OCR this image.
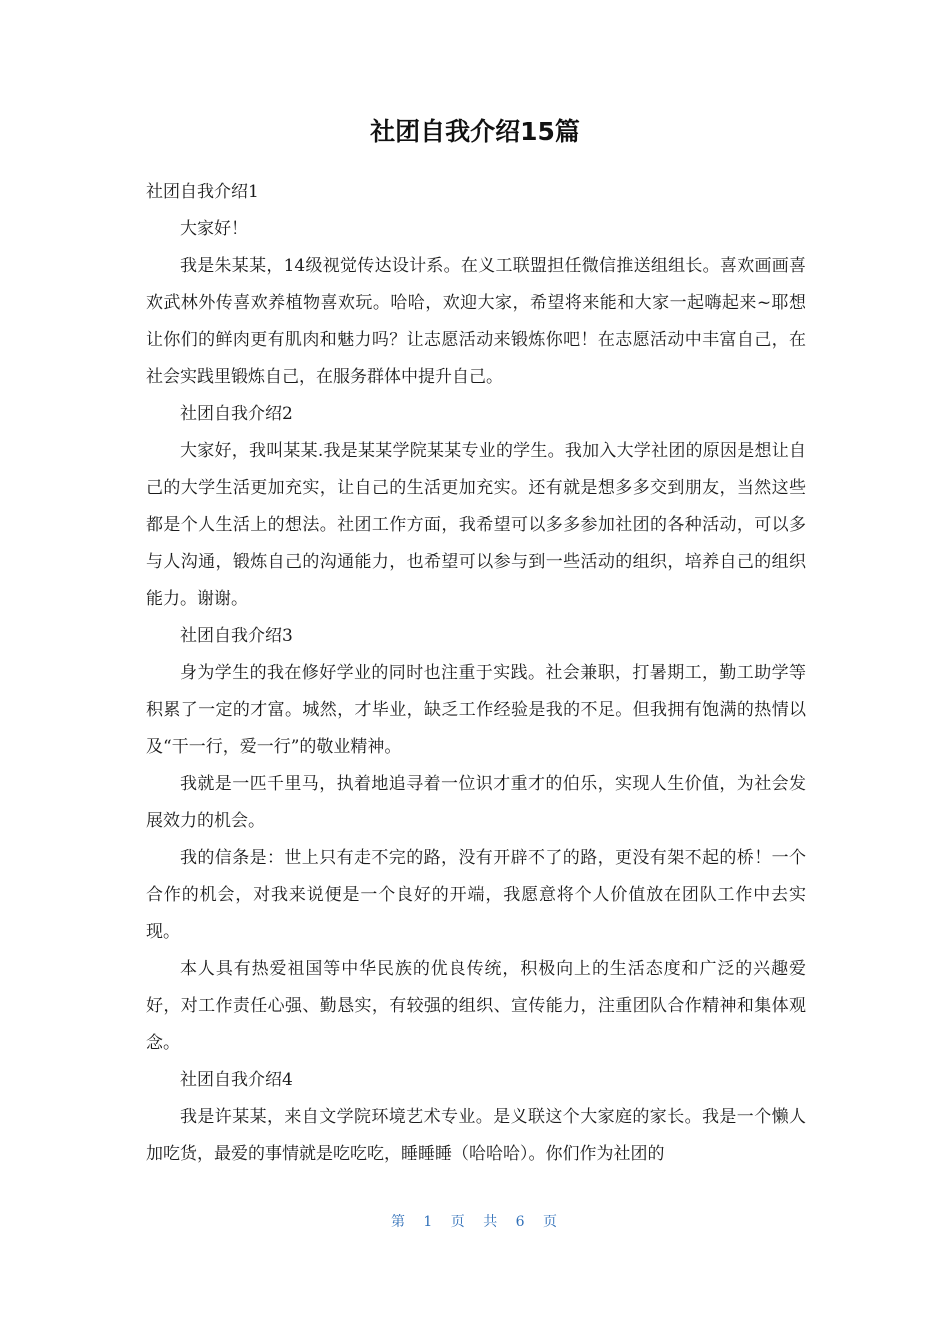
社团自我介绍15篇

社团自我介绍1

大家好！

我是朱某某，14级视觉传达设计系。在义工联盟担任微信推送组组长。喜欢画画喜欢武林外传喜欢养植物喜欢玩。哈哈，欢迎大家，希望将来能和大家一起嗨起来~耶想让你们的鲜肉更有肌肉和魅力吗？让志愿活动来锻炼你吧！在志愿活动中丰富自己，在社会实践里锻炼自己，在服务群体中提升自己。

社团自我介绍2

大家好，我叫某某.我是某某学院某某专业的学生。我加入大学社团的原因是想让自己的大学生活更加充实，让自己的生活更加充实。还有就是想多多交到朋友，当然这些都是个人生活上的想法。社团工作方面，我希望可以多多参加社团的各种活动，可以多与人沟通，锻炼自己的沟通能力，也希望可以参与到一些活动的组织，培养自己的组织能力。谢谢。

社团自我介绍3

身为学生的我在修好学业的同时也注重于实践。社会兼职，打暑期工，勤工助学等积累了一定的才富。城然，才毕业，缺乏工作经验是我的不足。但我拥有饱满的热情以及“干一行，爱一行”的敬业精神。

我就是一匹千里马，执着地追寻着一位识才重才的伯乐，实现人生价值，为社会发展效力的机会。

我的信条是：世上只有走不完的路，没有开辟不了的路，更没有架不起的桥！一个合作的机会，对我来说便是一个良好的开端，我愿意将个人价值放在团队工作中去实现。

本人具有热爱祖国等中华民族的优良传统，积极向上的生活态度和广泛的兴趣爱好，对工作责任心强、勤恳实，有较强的组织、宣传能力，注重团队合作精神和集体观念。

社团自我介绍4

我是许某某，来自文学院环境艺术专业。是义联这个大家庭的家长。我是一个懒人加吃货，最爱的事情就是吃吃吃，睡睡睡（哈哈哈）。你们作为社团的

第 1 页 共 6 页
